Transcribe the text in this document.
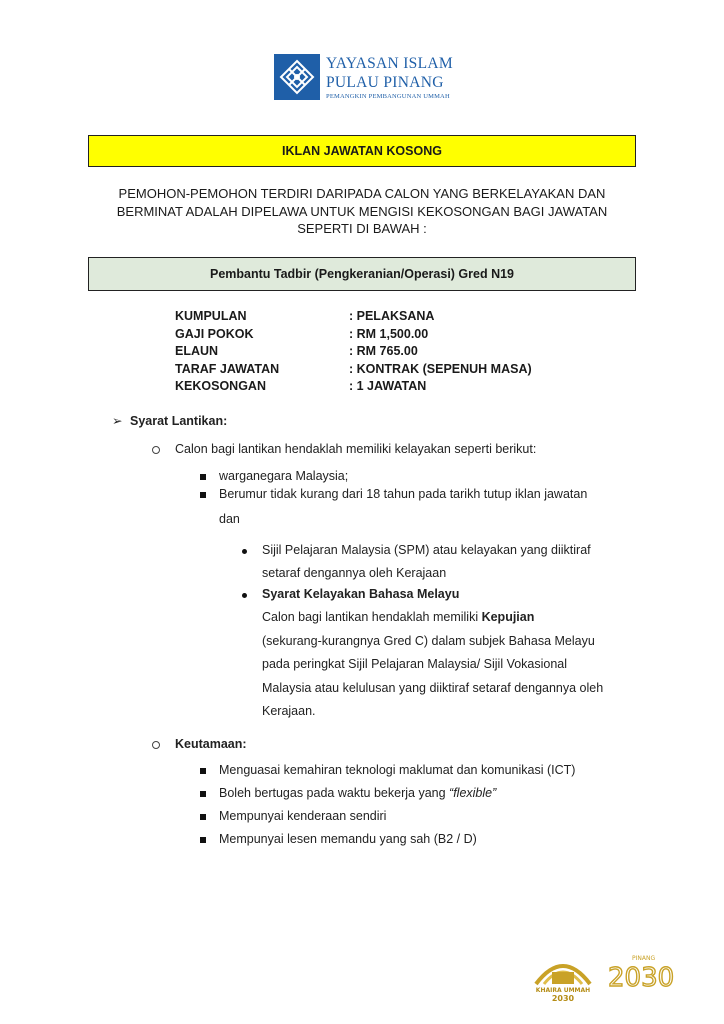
YAYASAN ISLAM
PULAU PINANG
PEMANGKIN PEMBANGUNAN UMMAH
IKLAN JAWATAN KOSONG
PEMOHON-PEMOHON TERDIRI DARIPADA CALON YANG BERKELAYAKAN DAN BERMINAT ADALAH DIPELAWA UNTUK MENGISI KEKOSONGAN BAGI JAWATAN SEPERTI DI BAWAH :
Pembantu Tadbir (Pengkeranian/Operasi) Gred N19
KUMPULAN	: PELAKSANA
GAJI POKOK	: RM 1,500.00
ELAUN	: RM 765.00
TARAF JAWATAN	: KONTRAK (SEPENUH MASA)
KEKOSONGAN	: 1 JAWATAN
➢ Syarat Lantikan:
Calon bagi lantikan hendaklah memiliki kelayakan seperti berikut:
warganegara Malaysia;
Berumur tidak kurang dari 18 tahun pada tarikh tutup iklan jawatan
dan
Sijil Pelajaran Malaysia (SPM) atau kelayakan yang diiktiraf
setaraf dengannya oleh Kerajaan
Syarat Kelayakan Bahasa Melayu
Calon bagi lantikan hendaklah memiliki Kepujian
(sekurang-kurangnya Gred C) dalam subjek Bahasa Melayu
pada peringkat Sijil Pelajaran Malaysia/ Sijil Vokasional
Malaysia atau kelulusan yang diiktiraf setaraf dengannya oleh
Kerajaan.
Keutamaan:
Menguasai kemahiran teknologi maklumat dan komunikasi (ICT)
Boleh bertugas pada waktu bekerja yang “flexible”
Mempunyai kenderaan sendiri
Mempunyai lesen memandu yang sah (B2 / D)
KHAIRA UMMAH
2030
PINANG
2030
